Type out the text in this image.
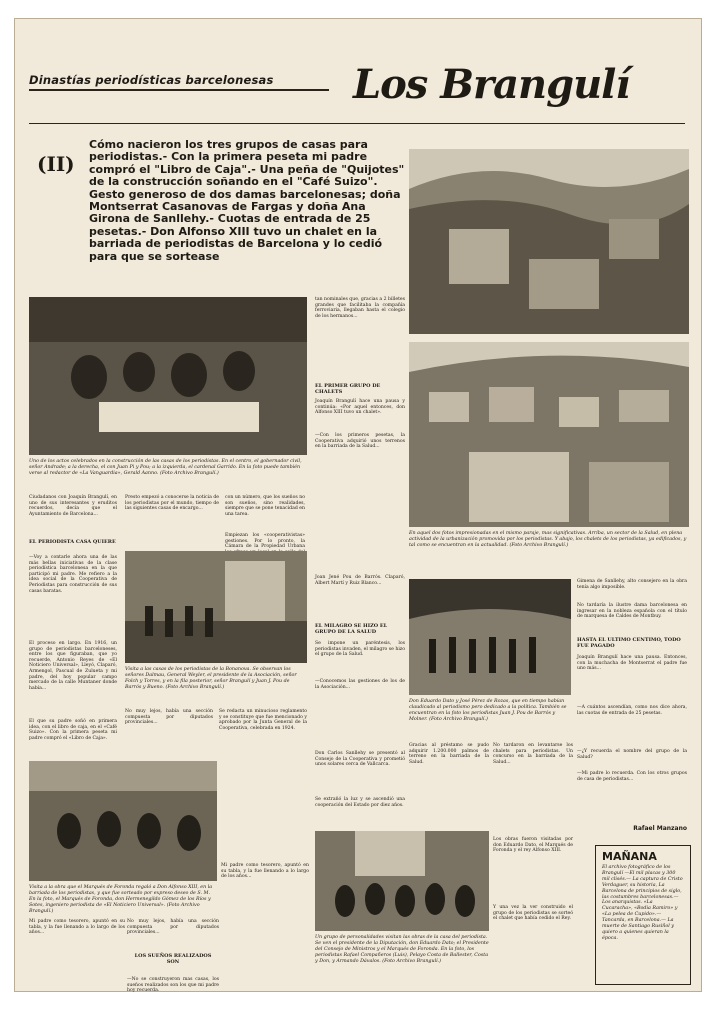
Dinastías periodísticas barcelonesas	Los Brangulí
(II)
Cómo nacieron los tres grupos de casas para periodistas.- Con la primera peseta mi padre compró el "Libro de Caja".- Una peña de "Quijotes" de la construcción soñando en el "Café Suizo". Gesto generoso de dos damas barcelonesas; doña Montserrat Casanovas de Fargas y doña Ana Girona de Sanllehy.- Cuotas de entrada de 25 pesetas.- Don Alfonso XIII tuvo un chalet en la barriada de periodistas de Barcelona y lo cedió para que se sortease
En aquel dos fotos impresionadas en el mismo paraje, mas significativas. Arriba, un sector de la Salud, en plena actividad de la urbanización promovida por los periodistas. Y abajo, los chalets de los periodistas, ya edificados, y tal como se encuentran en la actualidad. (Foto Archivo Brangulí.)
Uno de los actos celebrados en la construcción de las casas de los periodistas. En el centro, el gobernador civil, señor Andrade; a la derecha, el con Juan Pi y Pou; a la izquierda, el cardenal Garrido. En la foto puede también verse al redactor de «La Vanguardia», Gerald Aanno. (Foto Archivo Brangulí.)
Ciudadanos con Joaquín Brangulí, en uno de sus interesantes y eruditos recuerdos, decía que el Ayuntamiento de Barcelona...
EL PERIODISTA CASA QUIERE
—Voy a contarle ahora una de las más bellas iniciativas de la clase periodística barcelonesa en la que participó mi padre. Me refiero a la idea social de la Cooperativa de Periodistas para construcción de sus casas baratas.
El proceso en largo. En 1916, un grupo de periodistas barceloneses, entre los que figuraban, que yo recuerde, Antonio Reyes de «El Noticiero Universal», Lleyó, Claparó, Armengol, Pascual de Zulueta y mi padre, del hoy popular campo mercado de la calle Muntaner donde había...
El que su padre soñó en primera idea, con el libro de caja, en el «Café Suizo». Con la primera peseta mi padre compró el «Libro de Caja».
Presto empezó a conocerse la noticia de los periodistas por el mundo, tiempo de las siguientes casas de encargo...
con un número, que los sueños no son sueños, sino realidades, siempre que se pone tenacidad en una tarea.
Empiezan los «cooperativistas» gestiones. Por lo pronto, la Cámara de la Propiedad Urbana
Visita a las casas de los periodistas de la Bonanova. Se observan los señores Dalmau, General Weyler, el presidente de la Asociación, señor Folch y Torres, y en la fila posterior, señor Brangulí y Juan J. Pou de Barrós y Bueno. (Foto Archivo Brangulí.)
No muy lejos, había una sección compuesta por diputados provinciales...
Se redacta un minucioso reglamento y se constituye que fue mencionado y aprobado por la Junta General de la Cooperativa, celebrada en 1924.
Visita a la obra que el Marqués de Foronda regaló a Don Alfonso XIII, en la barriada de los periodistas, y que fue sorteado por expreso deseo de S. M. En la foto, el Marqués de Foronda, don Hermenegildo Gómez de los Ríos y Sotes, ingeniero periodista de «El Noticiero Universal». (Foto Archivo Brangulí.)
Mi padre como tesorero, apuntó en su tabla, y la fue llenando a lo largo de los años...
No muy lejos, había una sección compuesta por diputados provinciales...
LOS SUEÑOS REALIZADOS SON
—No se construyeron mas casas, los sueños realizados son los que mi padre hoy recuerda.
Mi padre como tesorero, apuntó en su tabla, y la fue llenando a lo largo de los años...
tan nominales que, gracias a 2 billetes grandes que facilitaba la compañía ferroviaria, llegaban hasta el colegio de los hermanos...
EL PRIMER GRUPO DE CHALETS
Joaquín Brangulí hace una pausa y continúa: «Por aquel entonces, don Alfonso XIII tuvo un chalet».
—Con los primeros pesetas, la Cooperativa adquirió unos terrenos en la barriada de la Salud...
Joan Jené Pou de Barrós. Claparó, Albert Martí y Ruiz Blanco...
EL MILAGRO SE HIZO EL GRUPO DE LA SALUD
Se impone un paréntesis, los periodistas invaden, el milagro se hizo el grupo de la Salud.
—Conocemos las gestiones de los de la Asociación...
Don Carlos Sanllehy se presentó al Consejo de la Cooperativa y prometió unos solares cerca de Vallcarca.
Se extrañó la luz y se ascendió una cooperación del Estado por diez años.
Don Eduardo Dato y José Pérez de Rozas, que en tiempo habían claudicado al periodismo pero dedicado a la política. También se encuentran en la foto los periodistas Juan J. Pou de Barrós y Molner. (Foto Archivo Brangulí.)
Gimena de Sanllehy, alto consejero en la obra tenía algo imposible.
No tardaría la ilustre dama barcelonesa en ingresar en la nobleza española con el título de marquesa de Caldes de Montbuy.
HASTA EL ULTIMO CENTIMO, TODO FUE PAGADO
Joaquín Brangulí hace una pausa. Entonces, con la muchacha de Montserrat el padre fue uno más...
—A cuántos ascendían, como nos dice ahora, las cuotas de entrada de 25 pesetas.
—¿Y recuerda el nombre del grupo de la Salud?
—Mi padre lo recuerda. Con los otros grupos de casa de periodistas...
Rafael Manzano
Gracias al préstamo se pudo adquirir 1.200.000 palmos de terreno en la barriada de la Salud.
No tardaron en levantarse los chalets para periodistas. Un concurso en la barriada de la Salud...
Los obras fueron visitadas por don Eduardo Dato, el Marqués de Foronda y el rey Alfonso XIII.
Y una vez la ver construido el grupo de los periodistas se sorteó el chalet que había cedido el Rey.
Un grupo de personalidades visitan las obras de la casa del periodista. Se ven el presidente de la Diputación, don Eduardo Dato; el Presidente del Consejo de Ministros y el Marqués de Foronda. En la foto, los periodistas Rafael Compañeros (Luis), Pelayo Costa de Ballester, Costa y Don, y Armando Dávalos. (Foto Archivo Brangulí.)
MAÑANA
El archivo fotográfico de los Brangulí —El mil placas y 300 mil clisés.— La captura de Cristo Verdaguer, su historia, La Barcelona de principios de siglo, las costumbres barcelonesas.— Los anarquistas. «La Cucaracha», «Bodia Ramiro» y «La pelea de Cupido».— Tancarda, en Barcelona.— La muerte de Santiago Rusiñol y quiero a quienes quieran la época.
